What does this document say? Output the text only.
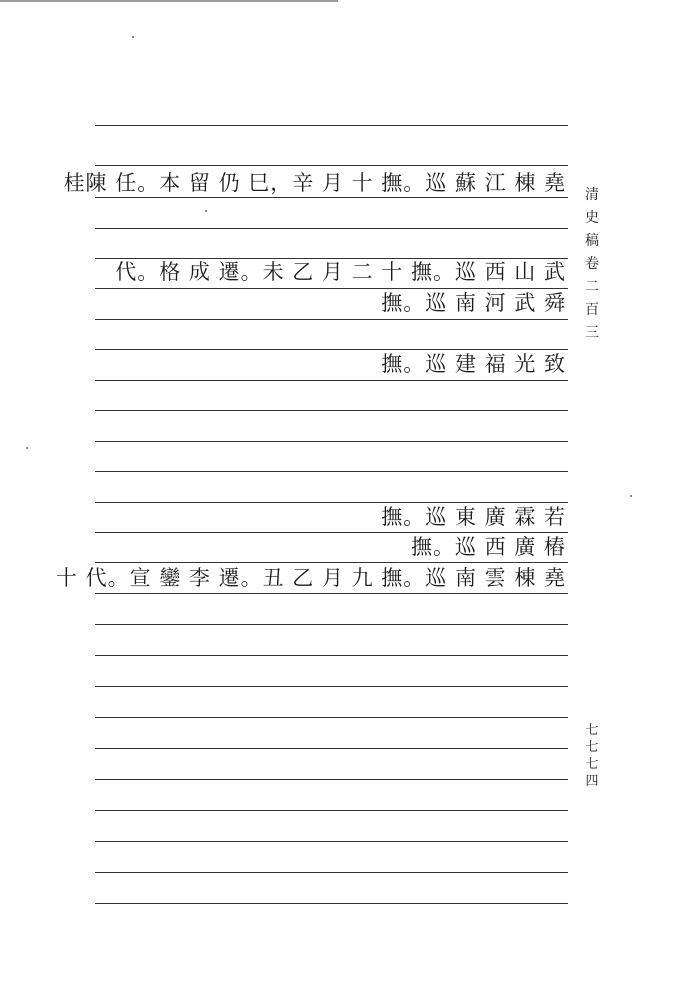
桂陳 任。本 留 仍 巳，辛 月 十 撫。巡 蘇 江 棟 堯
代。格 成 遷。未 乙 月 二 十 撫。巡 西 山 武
撫。巡 南 河 武 舜
撫。巡 建 福 光 致
撫。巡 東 廣 霖 若
撫。巡 西 廣 樁
十 代。宣 鑾 李 遷。丑 乙 月 九 撫。巡 南 雲 棟 堯
清史稿卷二百三
七七七四
